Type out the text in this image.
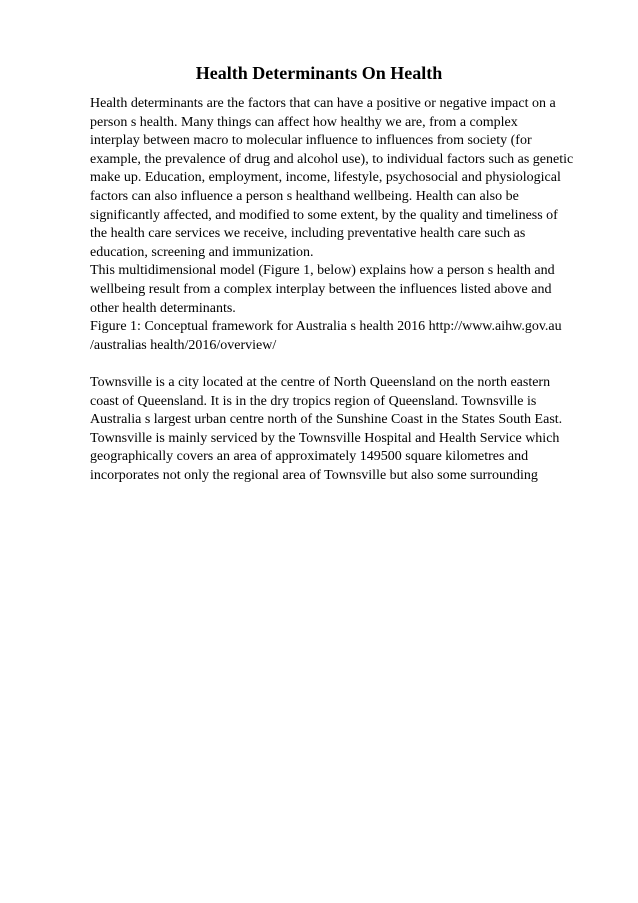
Health Determinants On Health
Health determinants are the factors that can have a positive or negative impact on a
person s health. Many things can affect how healthy we are, from a complex
interplay between macro to molecular influence to influences from society (for
example, the prevalence of drug and alcohol use), to individual factors such as genetic
make up. Education, employment, income, lifestyle, psychosocial and physiological
factors can also influence a person s healthand wellbeing. Health can also be
significantly affected, and modified to some extent, by the quality and timeliness of
the health care services we receive, including preventative health care such as
education, screening and immunization.
This multidimensional model (Figure 1, below) explains how a person s health and
wellbeing result from a complex interplay between the influences listed above and
other health determinants.
Figure 1: Conceptual framework for Australia s health 2016 http://www.aihw.gov.au
/australias health/2016/overview/
Townsville is a city located at the centre of North Queensland on the north eastern
coast of Queensland. It is in the dry tropics region of Queensland. Townsville is
Australia s largest urban centre north of the Sunshine Coast in the States South East.
Townsville is mainly serviced by the Townsville Hospital and Health Service which
geographically covers an area of approximately 149500 square kilometres and
incorporates not only the regional area of Townsville but also some surrounding
